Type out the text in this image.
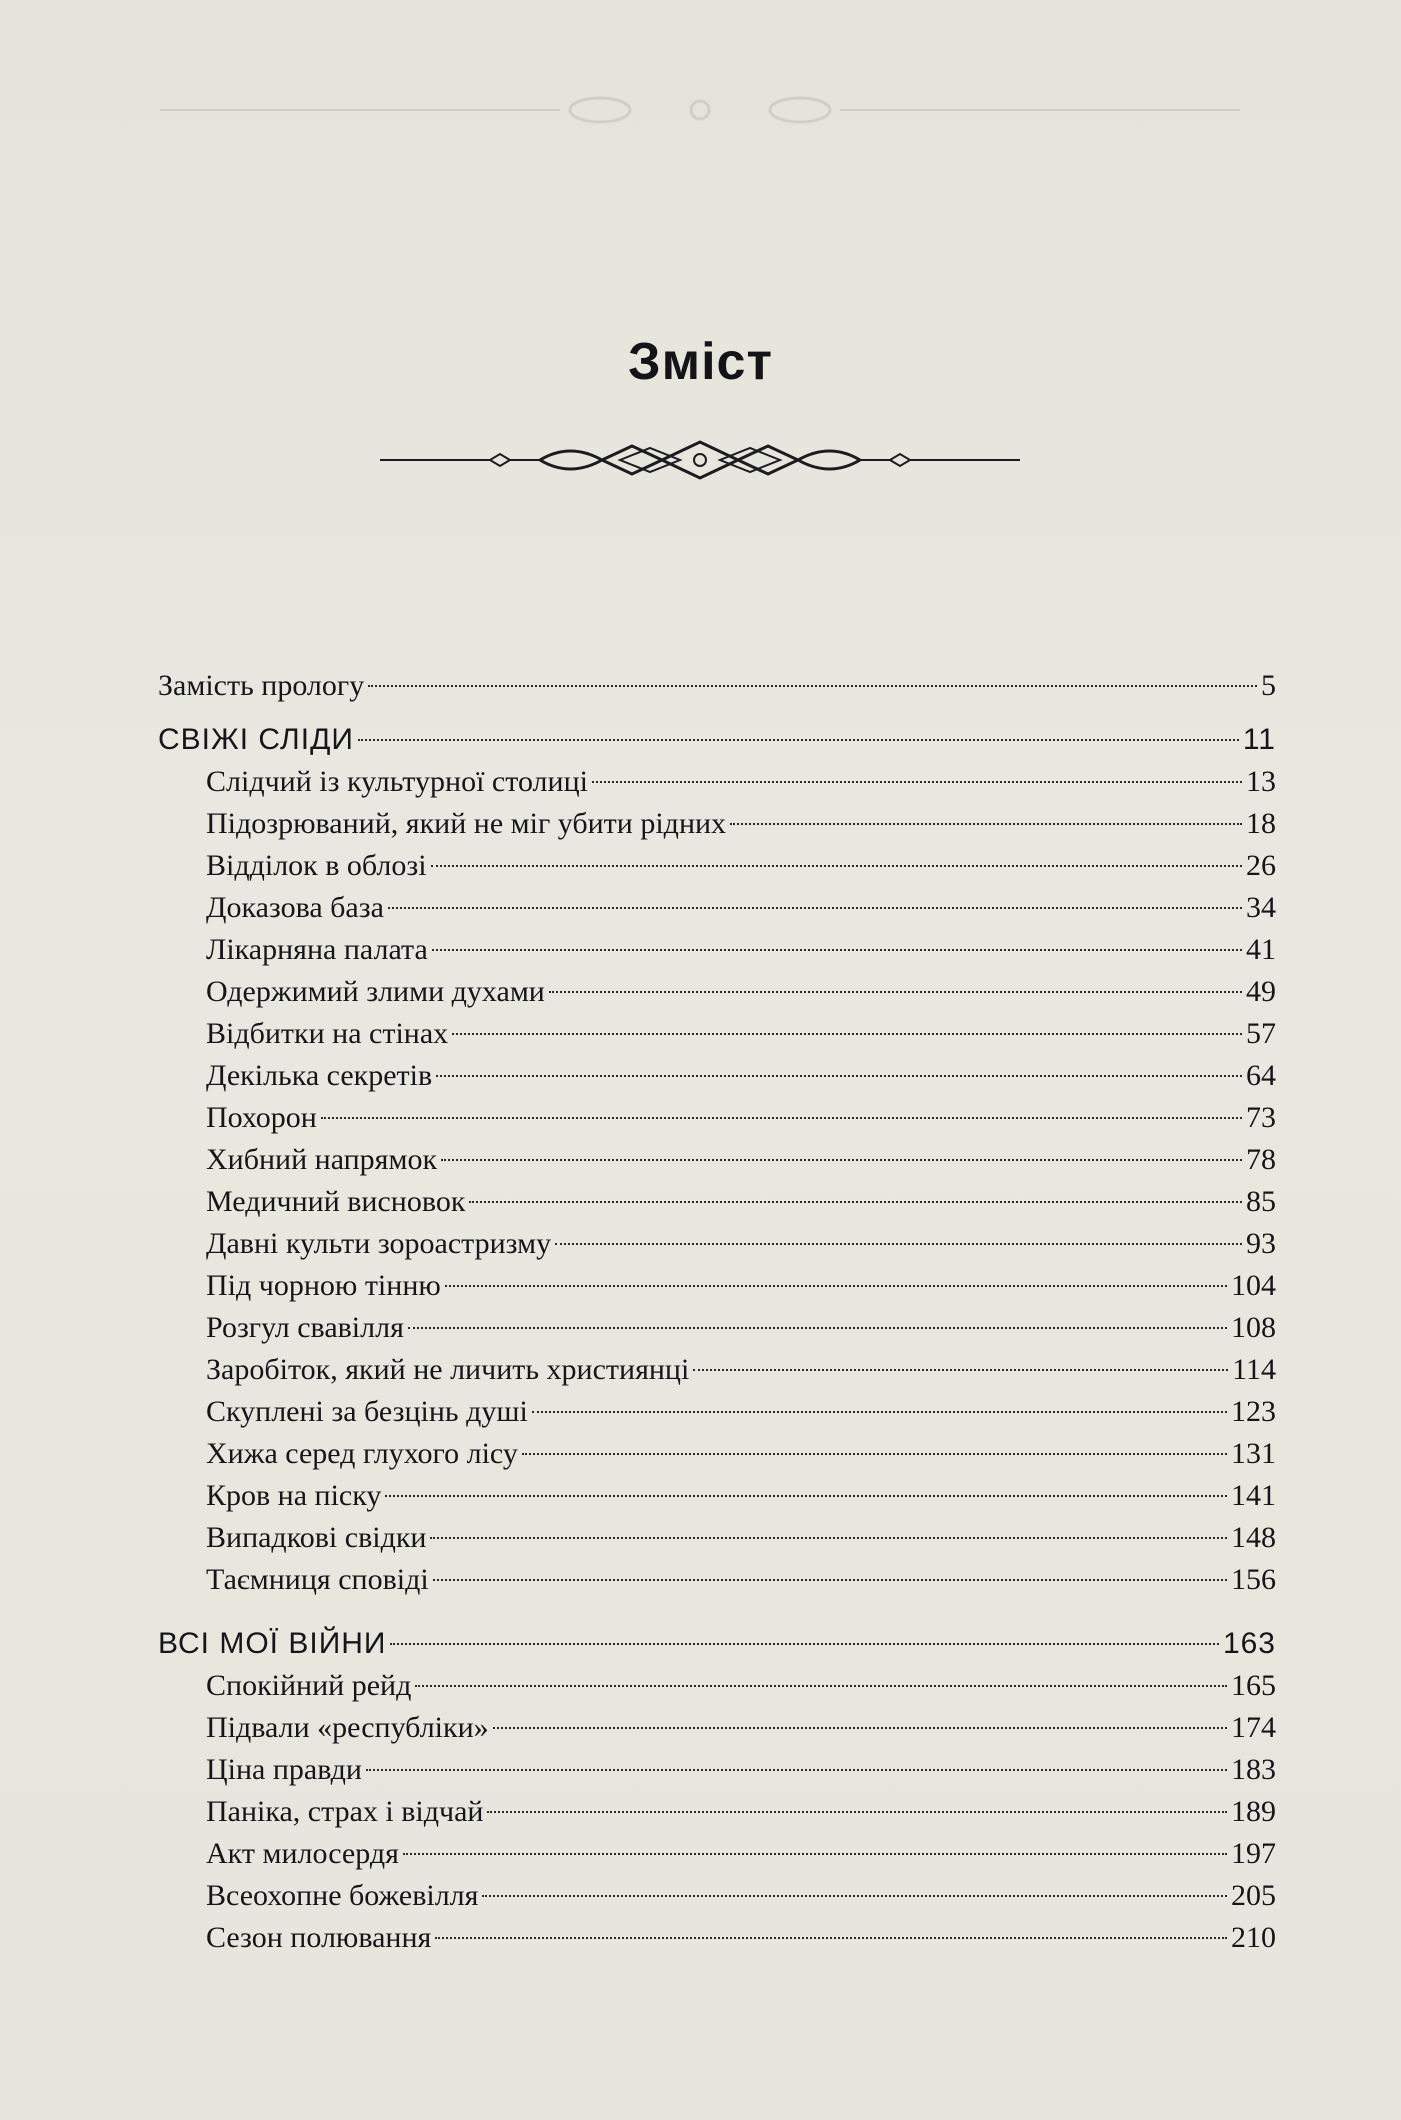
Зміст
Замість прологу	5
СВІЖІ СЛІДИ	11
Слідчий із культурної столиці	13
Підозрюваний, який не міг убити рідних	18
Відділок в облозі	26
Доказова база	34
Лікарняна палата	41
Одержимий злими духами	49
Відбитки на стінах	57
Декілька секретів	64
Похорон	73
Хибний напрямок	78
Медичний висновок	85
Давні культи зороастризму	93
Під чорною тінню	104
Розгул свавілля	108
Заробіток, який не личить християнці	114
Скуплені за безцінь душі	123
Хижа серед глухого лісу	131
Кров на піску	141
Випадкові свідки	148
Таємниця сповіді	156
ВСІ МОЇ ВІЙНИ	163
Спокійний рейд	165
Підвали «республіки»	174
Ціна правди	183
Паніка, страх і відчай	189
Акт милосердя	197
Всеохопне божевілля	205
Сезон полювання	210
